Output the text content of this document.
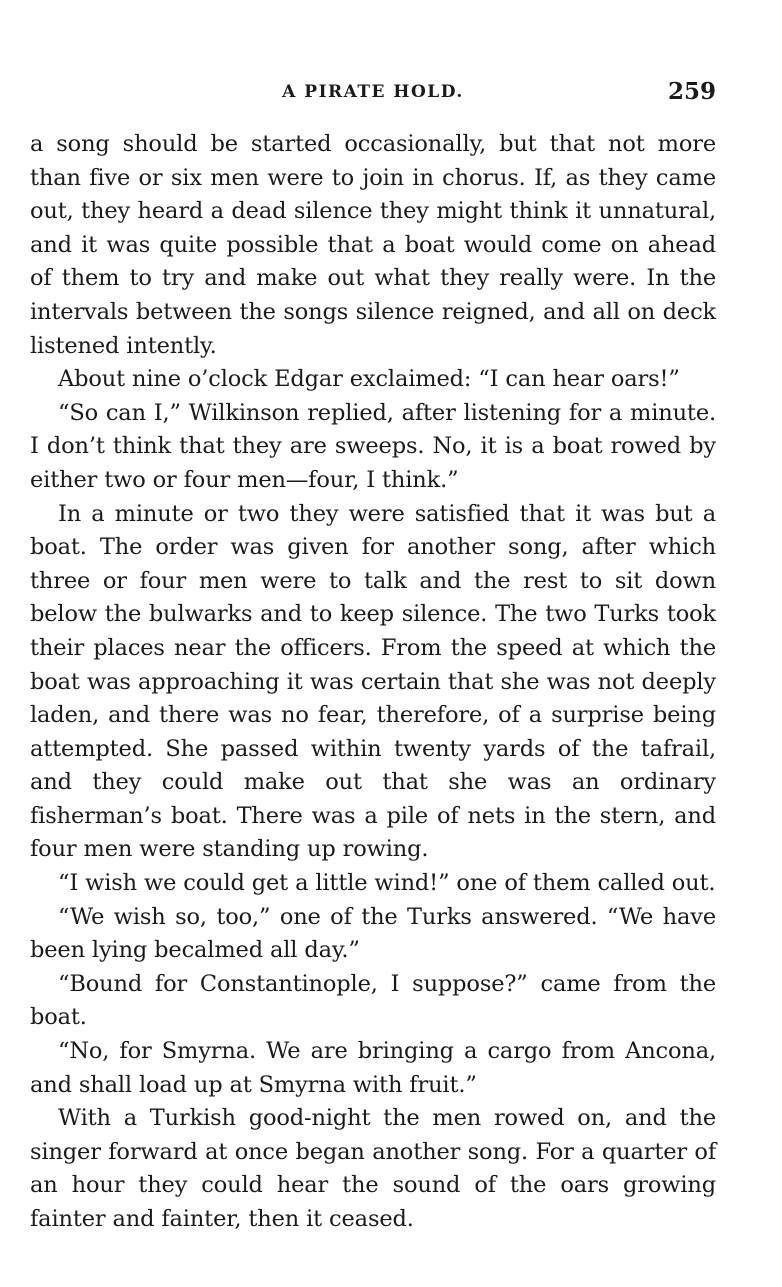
A PIRATE HOLD.	259

a song should be started occasionally, but that not more than five or six men were to join in chorus. If, as they came out, they heard a dead silence they might think it unnatural, and it was quite possible that a boat would come on ahead of them to try and make out what they really were. In the intervals between the songs silence reigned, and all on deck listened intently.

About nine o’clock Edgar exclaimed: “I can hear oars!”

“So can I,” Wilkinson replied, after listening for a minute. I don’t think that they are sweeps. No, it is a boat rowed by either two or four men—four, I think.”

In a minute or two they were satisfied that it was but a boat. The order was given for another song, after which three or four men were to talk and the rest to sit down below the bulwarks and to keep silence. The two Turks took their places near the officers. From the speed at which the boat was approaching it was certain that she was not deeply laden, and there was no fear, therefore, of a surprise being attempted. She passed within twenty yards of the tafrail, and they could make out that she was an ordinary fisherman’s boat. There was a pile of nets in the stern, and four men were standing up rowing.

“I wish we could get a little wind!” one of them called out.

“We wish so, too,” one of the Turks answered. “We have been lying becalmed all day.”

“Bound for Constantinople, I suppose?” came from the boat.

“No, for Smyrna. We are bringing a cargo from Ancona, and shall load up at Smyrna with fruit.”

With a Turkish good-night the men rowed on, and the singer forward at once began another song. For a quarter of an hour they could hear the sound of the oars growing fainter and fainter, then it ceased.
